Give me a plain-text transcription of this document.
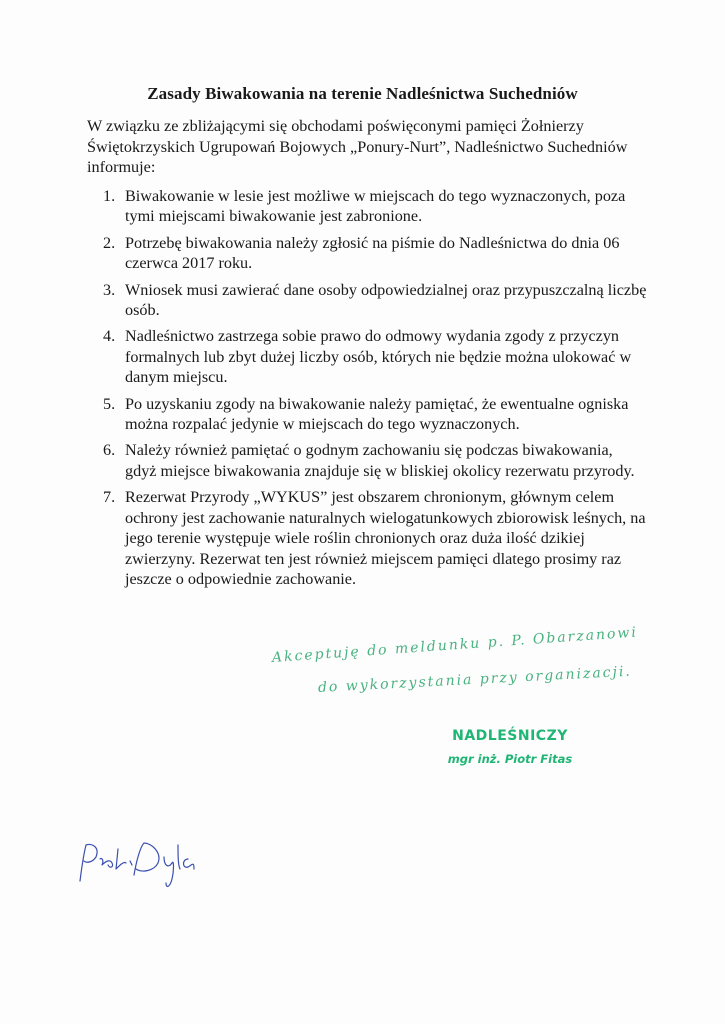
Zasady Biwakowania na terenie Nadleśnictwa Suchedniów
W związku ze zbliżającymi się obchodami poświęconymi pamięci Żołnierzy Świętokrzyskich Ugrupowań Bojowych „Ponury-Nurt”, Nadleśnictwo Suchedniów informuje:
1. Biwakowanie w lesie jest możliwe w miejscach do tego wyznaczonych, poza tymi miejscami biwakowanie jest zabronione.
2. Potrzebę biwakowania należy zgłosić na piśmie do Nadleśnictwa do dnia 06 czerwca 2017 roku.
3. Wniosek musi zawierać dane osoby odpowiedzialnej oraz przypuszczalną liczbę osób.
4. Nadleśnictwo zastrzega sobie prawo do odmowy wydania zgody z przyczyn formalnych lub zbyt dużej liczby osób, których nie będzie można ulokować w danym miejscu.
5. Po uzyskaniu zgody na biwakowanie należy pamiętać, że ewentualne ogniska można rozpalać jedynie w miejscach do tego wyznaczonych.
6. Należy również pamiętać o godnym zachowaniu się podczas biwakowania, gdyż miejsce biwakowania znajduje się w bliskiej okolicy rezerwatu przyrody.
7. Rezerwat Przyrody „WYKUS” jest obszarem chronionym, głównym celem ochrony jest zachowanie naturalnych wielogatunkowych zbiorowisk leśnych, na jego terenie występuje wiele roślin chronionych oraz duża ilość dzikiej zwierzyny. Rezerwat ten jest również miejscem pamięci dlatego prosimy raz jeszcze o odpowiednie zachowanie.
Akceptuję do meldunku p. P. Obarzanowi
do wykorzystania przy organizacji.
NADLEŚNICZY
mgr inż. Piotr Fitas
